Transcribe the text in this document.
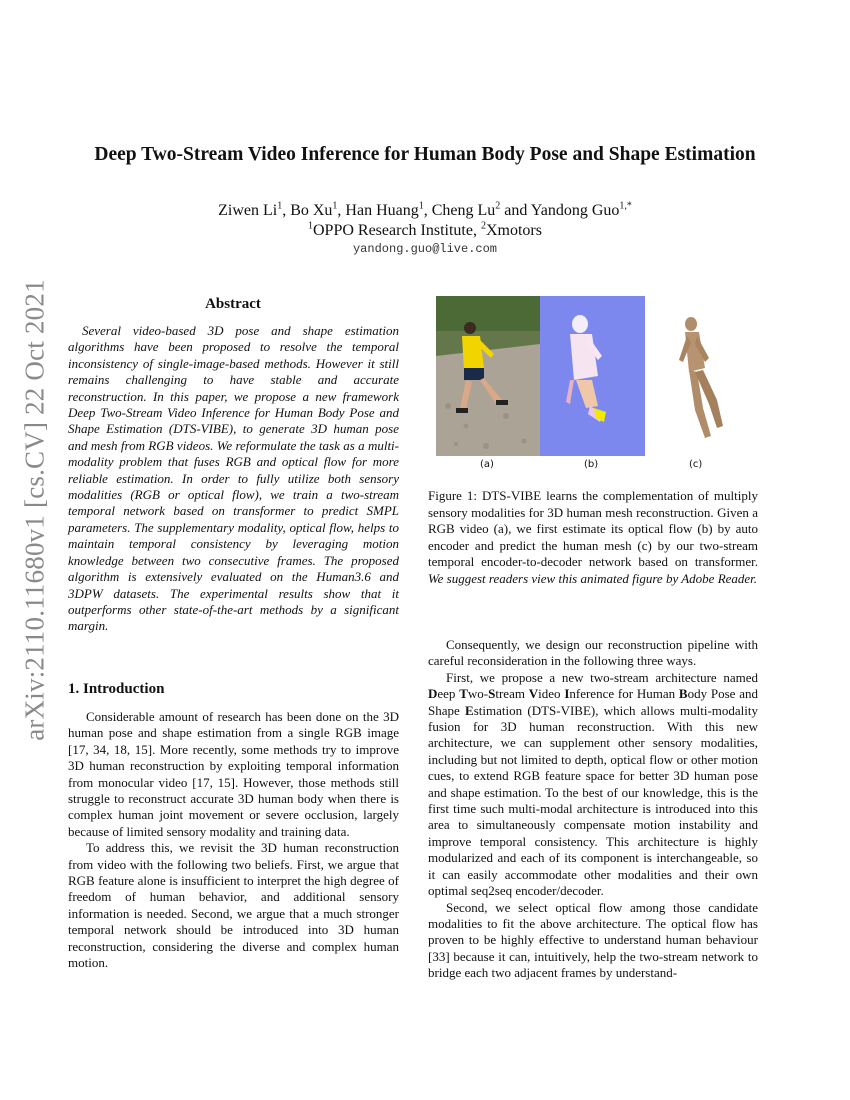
arXiv:2110.11680v1 [cs.CV] 22 Oct 2021
Deep Two-Stream Video Inference for Human Body Pose and Shape Estimation
Ziwen Li$^1$, Bo Xu$^1$, Han Huang$^1$, Cheng Lu$^2$ and Yandong Guo$^{1,*}$
$^1$OPPO Research Institute, $^2$Xmotors
yandong.guo@live.com
Abstract
Several video-based 3D pose and shape estimation algorithms have been proposed to resolve the temporal inconsistency of single-image-based methods. However it still remains challenging to have stable and accurate reconstruction. In this paper, we propose a new framework Deep Two-Stream Video Inference for Human Body Pose and Shape Estimation (DTS-VIBE), to generate 3D human pose and mesh from RGB videos. We reformulate the task as a multi-modality problem that fuses RGB and optical flow for more reliable estimation. In order to fully utilize both sensory modalities (RGB or optical flow), we train a two-stream temporal network based on transformer to predict SMPL parameters. The supplementary modality, optical flow, helps to maintain temporal consistency by leveraging motion knowledge between two consecutive frames. The proposed algorithm is extensively evaluated on the Human3.6 and 3DPW datasets. The experimental results show that it outperforms other state-of-the-art methods by a significant margin.
1. Introduction

Considerable amount of research has been done on the 3D human pose and shape estimation from a single RGB image [17, 34, 18, 15]. More recently, some methods try to improve 3D human reconstruction by exploiting temporal information from monocular video [17, 15]. However, those methods still struggle to reconstruct accurate 3D human body when there is complex human joint movement or severe occlusion, largely because of limited sensory modality and training data.

To address this, we revisit the 3D human reconstruction from video with the following two beliefs. First, we argue that RGB feature alone is insufficient to interpret the high degree of freedom of human behavior, and additional sensory information is needed. Second, we argue that a much stronger temporal network should be introduced into 3D human reconstruction, considering the diverse and complex human motion.

(a)	(b)	(c)
Figure 1: DTS-VIBE learns the complementation of multiply sensory modalities for 3D human mesh reconstruction. Given a RGB video (a), we first estimate its optical flow (b) by auto encoder and predict the human mesh (c) by our two-stream temporal encoder-to-decoder network based on transformer. We suggest readers view this animated figure by Adobe Reader.

Consequently, we design our reconstruction pipeline with careful reconsideration in the following three ways.

First, we propose a new two-stream architecture named Deep Two-Stream Video Inference for Human Body Pose and Shape Estimation (DTS-VIBE), which allows multi-modality fusion for 3D human reconstruction. With this new architecture, we can supplement other sensory modalities, including but not limited to depth, optical flow or other motion cues, to extend RGB feature space for better 3D human pose and shape estimation. To the best of our knowledge, this is the first time such multi-modal architecture is introduced into this area to simultaneously compensate motion instability and improve temporal consistency. This architecture is highly modularized and each of its component is interchangeable, so it can easily accommodate other modalities and their own optimal seq2seq encoder/decoder.

Second, we select optical flow among those candidate modalities to fit the above architecture. The optical flow has proven to be highly effective to understand human behaviour [33] because it can, intuitively, help the two-stream network to bridge each two adjacent frames by understand-
